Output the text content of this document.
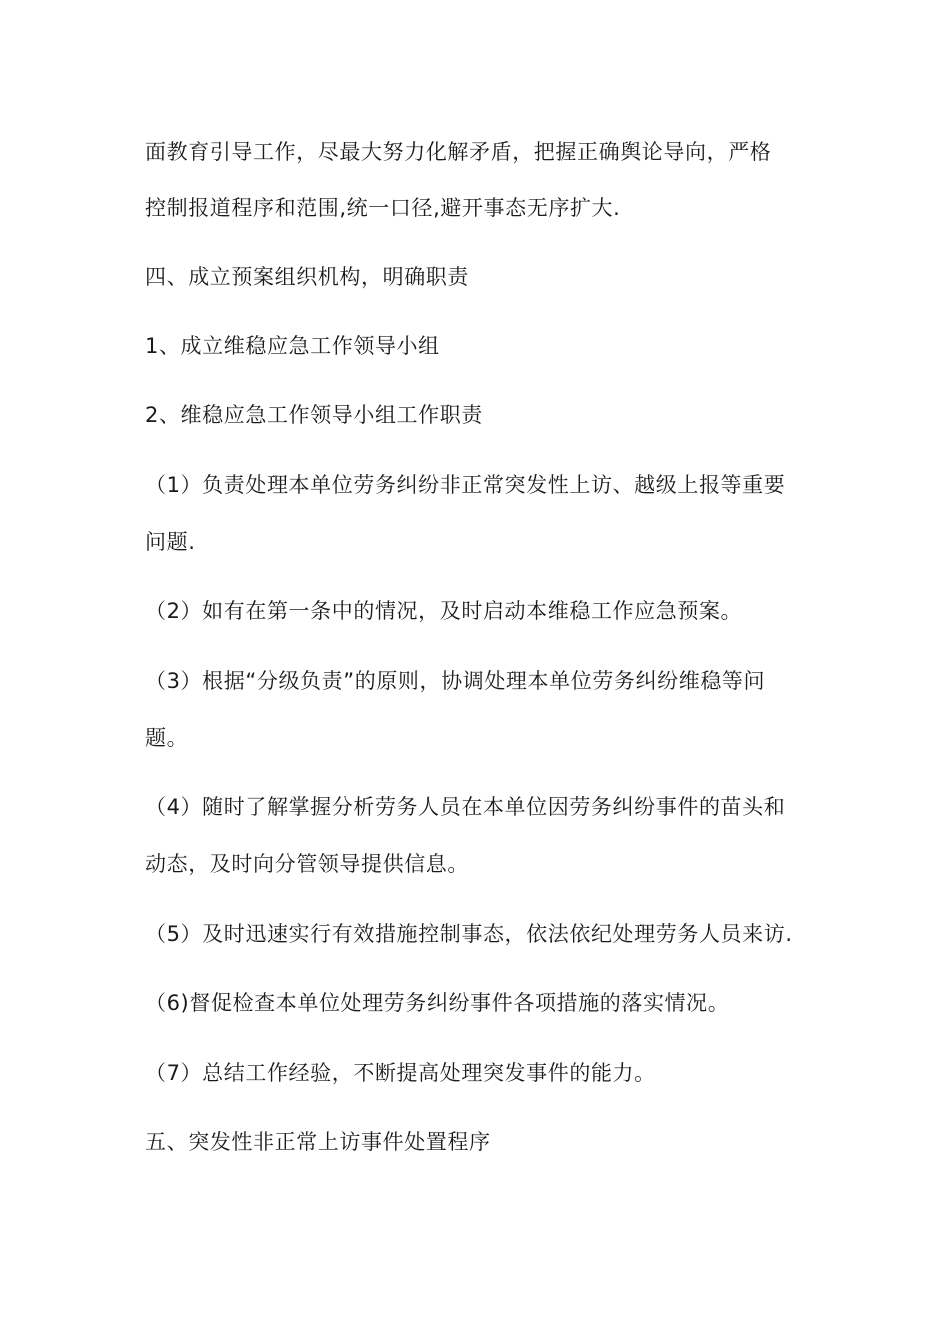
面教育引导工作，尽最大努力化解矛盾，把握正确舆论导向，严格
控制报道程序和范围,统一口径,避开事态无序扩大.
四、成立预案组织机构，明确职责
1、成立维稳应急工作领导小组
2、维稳应急工作领导小组工作职责
（1）负责处理本单位劳务纠纷非正常突发性上访、越级上报等重要
问题.
（2）如有在第一条中的情况，及时启动本维稳工作应急预案。
（3）根据“分级负责”的原则，协调处理本单位劳务纠纷维稳等问
题。
（4）随时了解掌握分析劳务人员在本单位因劳务纠纷事件的苗头和
动态，及时向分管领导提供信息。
（5）及时迅速实行有效措施控制事态，依法依纪处理劳务人员来访.
（6)督促检查本单位处理劳务纠纷事件各项措施的落实情况。
（7）总结工作经验，不断提高处理突发事件的能力。
五、突发性非正常上访事件处置程序
